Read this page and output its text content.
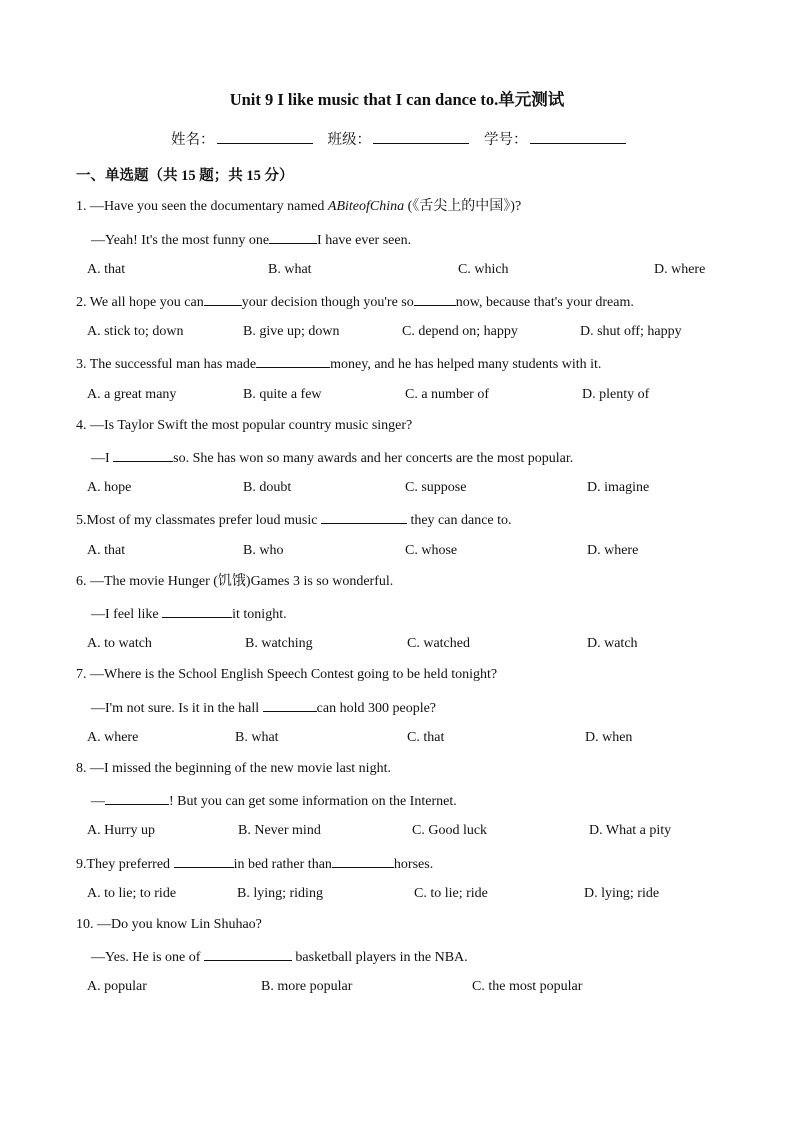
Unit 9 I like music that I can dance to.单元测试
姓名：	班级：	学号：
一、单选题（共 15 题；共 15 分）
1. —Have you seen the documentary named ABiteofChina (《舌尖上的中国》)?
—Yeah! It's the most funny one	I have ever seen.
A. that	B. what	C. which	D. where
2. We all hope you can	your decision though you're so	now, because that's your dream.
A. stick to; down	B. give up; down	C. depend on; happy	D. shut off; happy
3. The successful man has made	money, and he has helped many students with it.
A. a great many	B. quite a few	C. a number of	D. plenty of
4. —Is Taylor Swift the most popular country music singer?
—I	so. She has won so many awards and her concerts are the most popular.
A. hope	B. doubt	C. suppose	D. imagine
5.Most of my classmates prefer loud music	they can dance to.
A. that	B. who	C. whose	D. where
6. —The movie Hunger (饥饿)Games 3 is so wonderful.
—I feel like	it tonight.
A. to watch	B. watching	C. watched	D. watch
7. —Where is the School English Speech Contest going to be held tonight?
—I'm not sure. Is it in the hall	can hold 300 people?
A. where	B. what	C. that	D. when
8. —I missed the beginning of the new movie last night.
—	! But you can get some information on the Internet.
A. Hurry up	B. Never mind	C. Good luck	D. What a pity
9.They preferred	in bed rather than	horses.
A. to lie; to ride	B. lying; riding	C. to lie; ride	D. lying; ride
10. —Do you know Lin Shuhao?
—Yes. He is one of	basketball players in the NBA.
A. popular	B. more popular	C. the most popular
